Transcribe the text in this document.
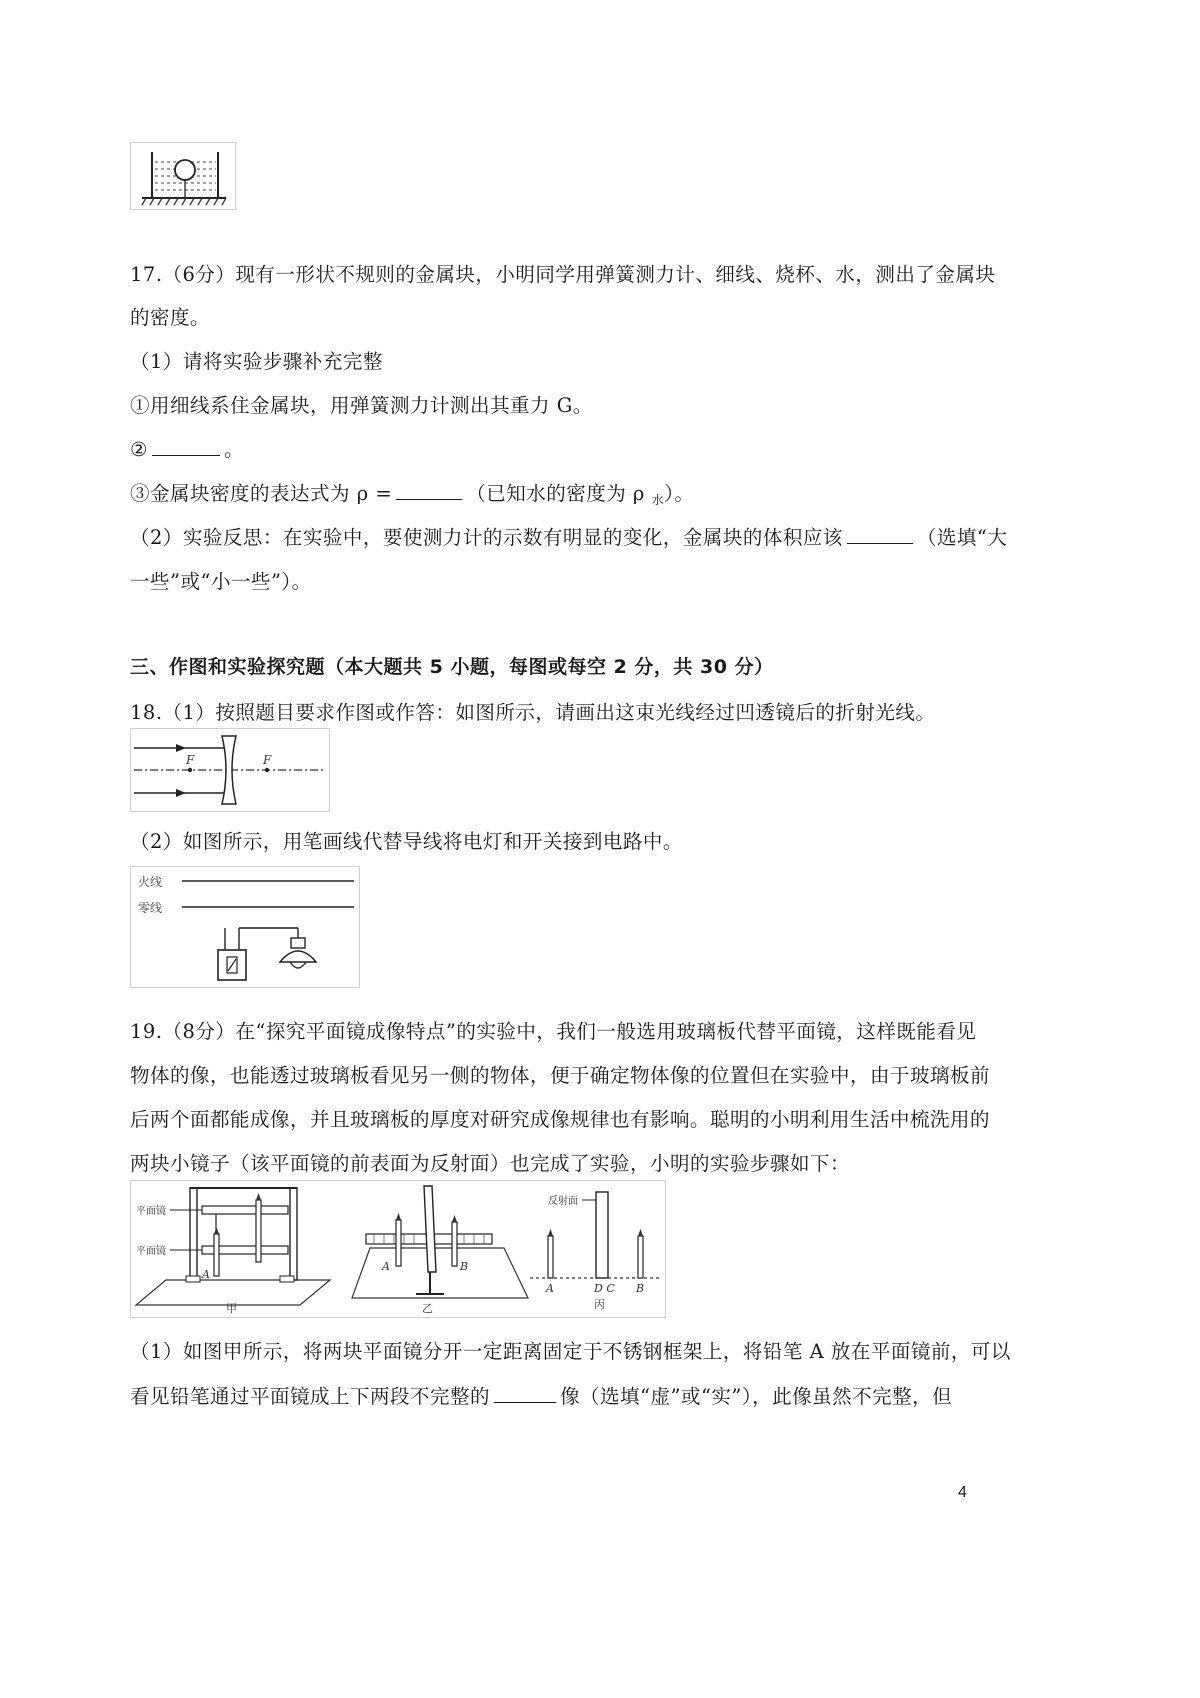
17.（6分）现有一形状不规则的金属块，小明同学用弹簧测力计、细线、烧杯、水，测出了金属块
的密度。
（1）请将实验步骤补充完整
①用细线系住金属块，用弹簧测力计测出其重力 G。
②	。
③金属块密度的表达式为 ρ =	（已知水的密度为 ρ $_水$）。
（2）实验反思：在实验中，要使测力计的示数有明显的变化，金属块的体积应该	（选填“大
一些”或“小一些”）。
三、作图和实验探究题（本大题共 5 小题，每图或每空 2 分，共 30 分）
18.（1）按照题目要求作图或作答：如图所示，请画出这束光线经过凹透镜后的折射光线。
F	F
（2）如图所示，用笔画线代替导线将电灯和开关接到电路中。
火线
零线
19.（8分）在“探究平面镜成像特点”的实验中，我们一般选用玻璃板代替平面镜，这样既能看见
物体的像，也能透过玻璃板看见另一侧的物体，便于确定物体像的位置但在实验中，由于玻璃板前
后两个面都能成像，并且玻璃板的厚度对研究成像规律也有影响。聪明的小明利用生活中梳洗用的
两块小镜子（该平面镜的前表面为反射面）也完成了实验，小明的实验步骤如下：
平面镜
平面镜
A
甲
A	B
乙
反射面
A	D C B
丙
（1）如图甲所示，将两块平面镜分开一定距离固定于不锈钢框架上，将铅笔 A 放在平面镜前，可以
看见铅笔通过平面镜成上下两段不完整的	像（选填“虚”或“实”），此像虽然不完整，但
4
